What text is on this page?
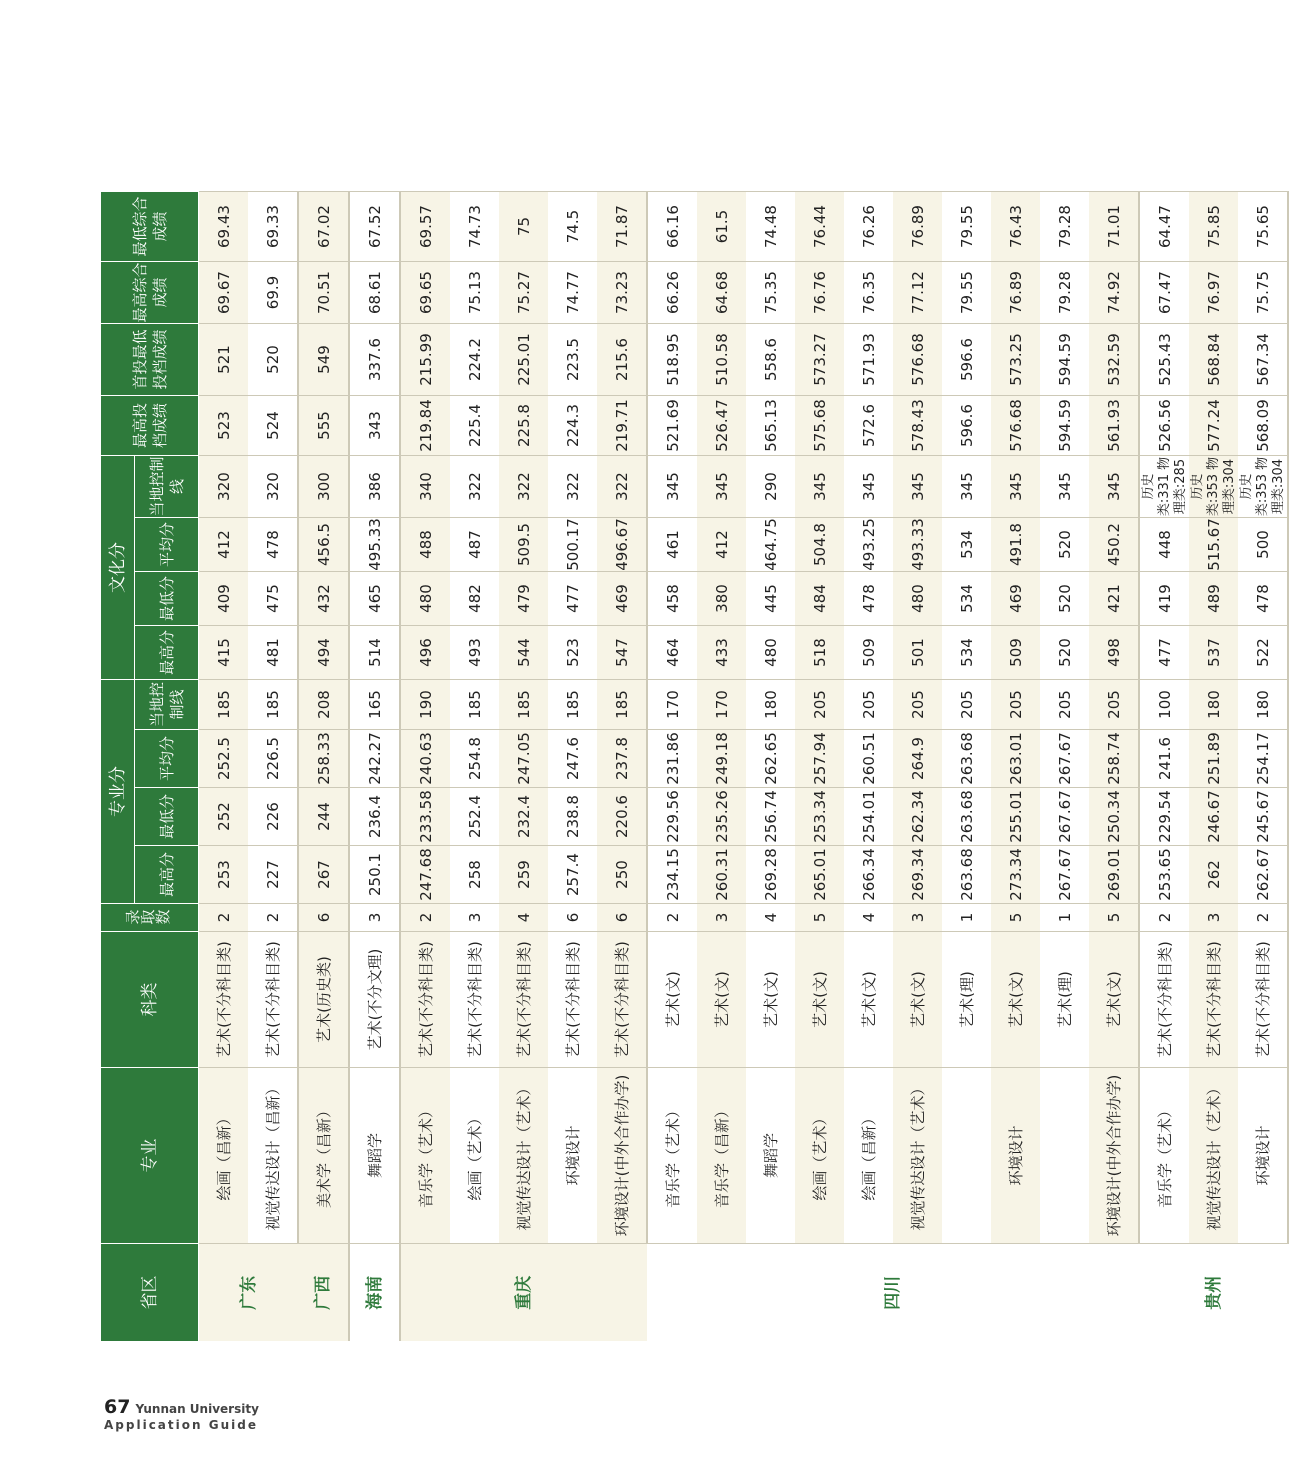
省区	专业	科类	录取数	专业分				文化分				最高投档成绩	首投最低投档成绩	最高综合成绩	最低综合成绩
				最高分	最低分	平均分	当地控制线	最高分	最低分	平均分	当地控制线				
广东	绘画（昌新）	艺术(不分科目类)	2	253	252	252.5	185	415	409	412	320	523	521	69.67	69.43
	视觉传达设计（昌新）	艺术(不分科目类)	2	227	226	226.5	185	481	475	478	320	524	520	69.9	69.33
广西	美术学（昌新）	艺术(历史类)	6	267	244	258.33	208	494	432	456.5	300	555	549	70.51	67.02
海南	舞蹈学	艺术(不分文理)	3	250.1	236.4	242.27	165	514	465	495.33	386	343	337.6	68.61	67.52
重庆	音乐学（艺术）	艺术(不分科目类)	2	247.68	233.58	240.63	190	496	480	488	340	219.84	215.99	69.65	69.57
	绘画（艺术）	艺术(不分科目类)	3	258	252.4	254.8	185	493	482	487	322	225.4	224.2	75.13	74.73
	视觉传达设计（艺术）	艺术(不分科目类)	4	259	232.4	247.05	185	544	479	509.5	322	225.8	225.01	75.27	75
	环境设计	艺术(不分科目类)	6	257.4	238.8	247.6	185	523	477	500.17	322	224.3	223.5	74.77	74.5
	环境设计(中外合作办学)	艺术(不分科目类)	6	250	220.6	237.8	185	547	469	496.67	322	219.71	215.6	73.23	71.87
四川	音乐学（艺术）	艺术(文)	2	234.15	229.56	231.86	170	464	458	461	345	521.69	518.95	66.26	66.16
	音乐学（昌新）	艺术(文)	3	260.31	235.26	249.18	170	433	380	412	345	526.47	510.58	64.68	61.5
	舞蹈学	艺术(文)	4	269.28	256.74	262.65	180	480	445	464.75	290	565.13	558.6	75.35	74.48
	绘画（艺术）	艺术(文)	5	265.01	253.34	257.94	205	518	484	504.8	345	575.68	573.27	76.76	76.44
	绘画（昌新）	艺术(文)	4	266.34	254.01	260.51	205	509	478	493.25	345	572.6	571.93	76.35	76.26
	视觉传达设计（艺术）	艺术(文)	3	269.34	262.34	264.9	205	501	480	493.33	345	578.43	576.68	77.12	76.89
		艺术(理)	1	263.68	263.68	263.68	205	534	534	534	345	596.6	596.6	79.55	79.55
	环境设计	艺术(文)	5	273.34	255.01	263.01	205	509	469	491.8	345	576.68	573.25	76.89	76.43
		艺术(理)	1	267.67	267.67	267.67	205	520	520	520	345	594.59	594.59	79.28	79.28
	环境设计(中外合作办学)	艺术(文)	5	269.01	250.34	258.74	205	498	421	450.2	345	561.93	532.59	74.92	71.01
贵州	音乐学（艺术）	艺术(不分科目类)	2	253.65	229.54	241.6	100	477	419	448	历史类:331 物理类:285	526.56	525.43	67.47	64.47
	视觉传达设计（艺术）	艺术(不分科目类)	3	262	246.67	251.89	180	537	489	515.67	历史类:353 物理类:304	577.24	568.84	76.97	75.85
	环境设计	艺术(不分科目类)	2	262.67	245.67	254.17	180	522	478	500	历史类:353 物理类:304	568.09	567.34	75.75	75.65
67 Yunnan University
Application Guide
